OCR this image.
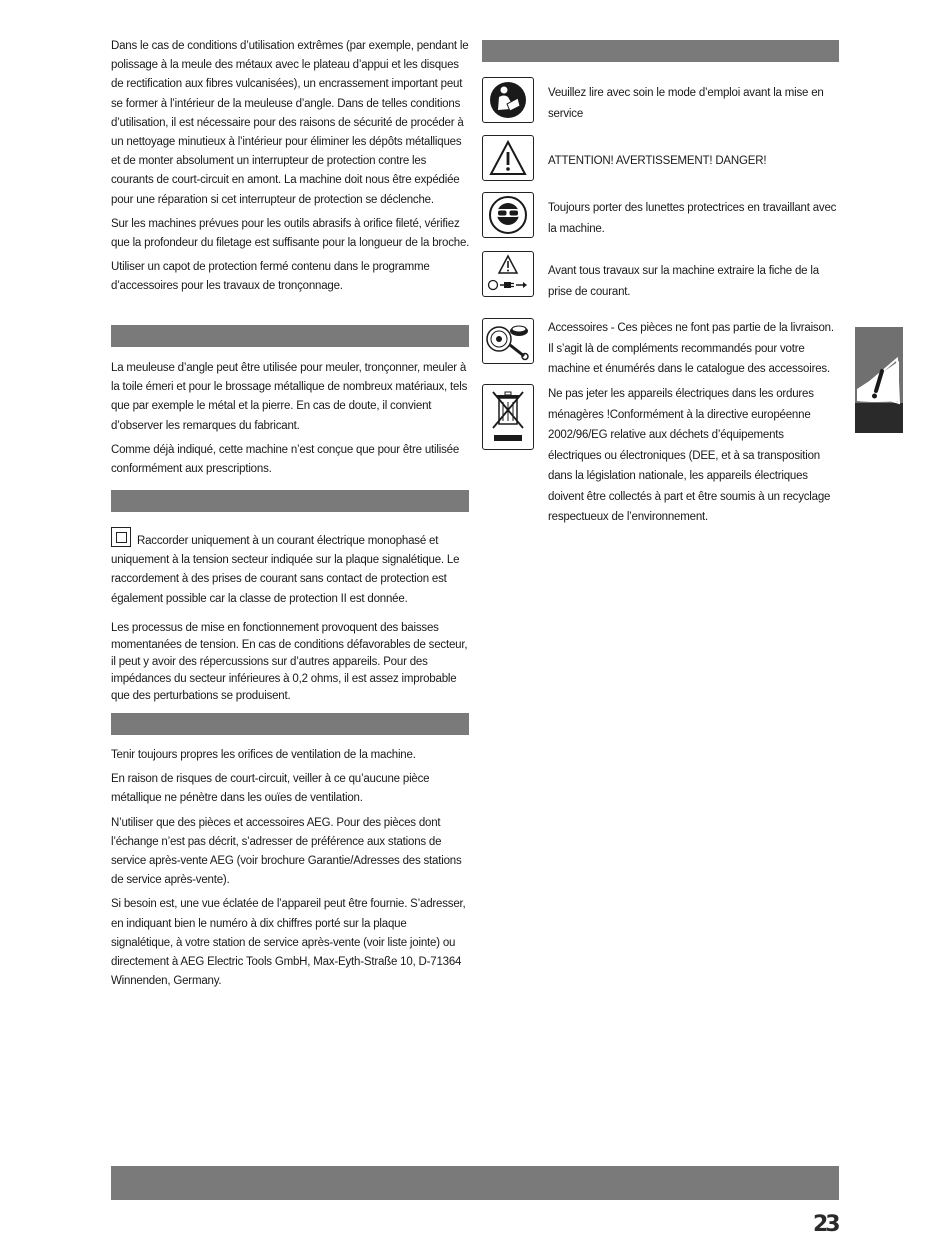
Dans le cas de conditions d’utilisation extrêmes (par exemple, pendant le polissage à la meule des métaux avec le plateau d’appui et les disques de rectification aux fibres vulcanisées), un encrassement important peut se former à l’intérieur de la meuleuse d’angle. Dans de telles conditions d’utilisation, il est nécessaire pour des raisons de sécurité de procéder à un nettoyage minutieux à l’intérieur pour éliminer les dépôts métalliques et de monter absolument un interrupteur de protection contre les courants de court-circuit en amont. La machine doit nous être expédiée pour une réparation si cet interrupteur de protection se déclenche.

Sur les machines prévues pour les outils abrasifs à orifice fileté, vérifiez que la profondeur du filetage est suffisante pour la longueur de la broche.

Utiliser un capot de protection fermé contenu dans le programme d’accessoires pour les travaux de tronçonnage.

La meuleuse d’angle peut être utilisée pour meuler, tronçonner, meuler à la toile émeri et pour le brossage métallique de nombreux matériaux, tels que par exemple le métal et la pierre. En cas de doute, il convient d’observer les remarques du fabricant.

Comme déjà indiqué, cette machine n’est conçue que pour être utilisée conformément aux prescriptions.

Raccorder uniquement à un courant électrique monophasé et uniquement à la tension secteur indiquée sur la plaque signalétique. Le raccordement à des prises de courant sans contact de protection est également possible car la classe de protection II est donnée.

Les processus de mise en fonctionnement provoquent des baisses momentanées de tension. En cas de conditions défavorables de secteur, il peut y avoir des répercussions sur d’autres appareils. Pour des impédances du secteur inférieures à 0,2 ohms, il est assez improbable que des perturbations se produisent.

Tenir toujours propres les orifices de ventilation de la machine.

En raison de risques de court-circuit, veiller à ce qu’aucune pièce métallique ne pénètre dans les ouïes de ventilation.

N’utiliser que des pièces et accessoires AEG. Pour des pièces dont l’échange n’est pas décrit, s’adresser de préférence aux stations de service après-vente AEG (voir brochure Garantie/Adresses des stations de service après-vente).

Si besoin est, une vue éclatée de l’appareil peut être fournie. S’adresser, en indiquant bien le numéro à dix chiffres porté sur la plaque signalétique, à votre station de service après-vente (voir liste jointe) ou directement à AEG Electric Tools GmbH, Max-Eyth-Straße 10, D-71364 Winnenden, Germany.

Veuillez lire avec soin le mode d’emploi avant la mise en service
ATTENTION! AVERTISSEMENT! DANGER!
Toujours porter des lunettes protectrices en travaillant avec la machine.
Avant tous travaux sur la machine extraire la fiche de la prise de courant.
Accessoires - Ces pièces ne font pas partie de la livraison. Il s’agit là de compléments recommandés pour votre machine et énumérés dans le catalogue des accessoires.
Ne pas jeter les appareils électriques dans les ordures ménagères !Conformément à la directive européenne 2002/96/EG relative aux déchets d’équipements électriques ou électroniques (DEE, et à sa transposition dans la législation nationale, les appareils électriques doivent être collectés à part et être soumis à un recyclage respectueux de l’environnement.
23
